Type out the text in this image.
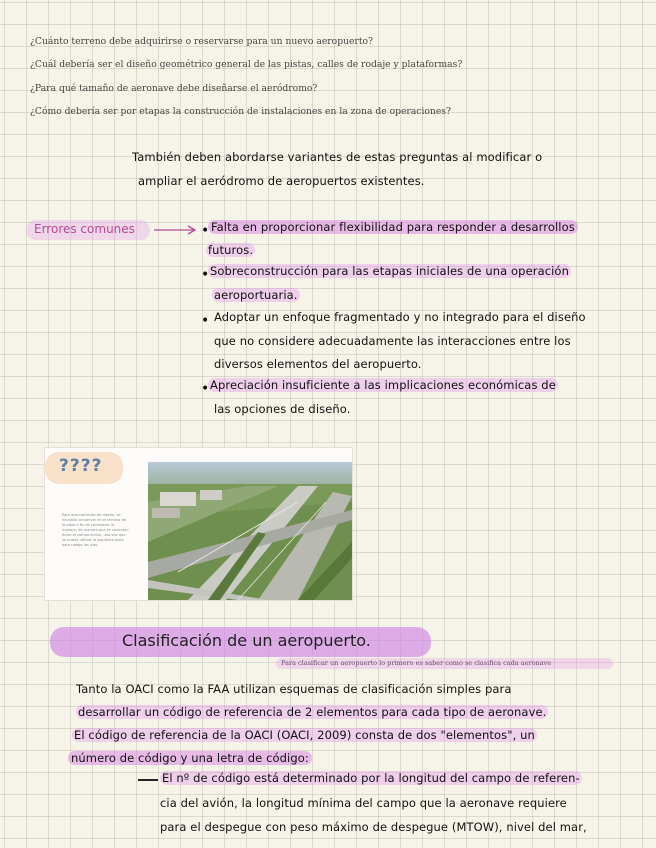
¿Cuánto terreno debe adquirirse o reservarse para un nuevo aeropuerto?
¿Cuál debería ser el diseño geométrico general de las pistas, calles de rodaje y plataformas?
¿Para qué tamaño de aeronave debe diseñarse el aeródromo?
¿Cómo debería ser por etapas la construcción de instalaciones en la zona de operaciones?
También deben abordarse variantes de estas preguntas al modificar o
ampliar el aeródromo de aeropuertos existentes.
Errores comunes	• Falta en proporcionar flexibilidad para responder a desarrollos
futuros.
• Sobreconstrucción para las etapas iniciales de una operación
aeroportuaria.
• Adoptar un enfoque fragmentado y no integrado para el diseño
que no considere adecuadamente las interacciones entre los
diversos elementos del aeropuerto.
• Apreciación insuficiente a las implicaciones económicas de
las opciones de diseño.
????
Para acercamiento de diseño, se necesita conservar en el terreno de la pista a fin de considerar la manera, de manera que se conecten entre el campo activo, una vez que se pueda utilizar la siguiente pista para rodaje las vías.
Clasificación de un aeropuerto.
Para clasificar un aeropuerto lo primero es saber como se clasifica cada aeronave
Tanto la OACI como la FAA utilizan esquemas de clasificación simples para
desarrollar un código de referencia de 2 elementos para cada tipo de aeronave.
El código de referencia de la OACI (OACI, 2009) consta de dos "elementos", un
número de código y una letra de código:
El nº de código está determinado por la longitud del campo de referen-
cia del avión, la longitud mínima del campo que la aeronave requiere
para el despegue con peso máximo de despegue (MTOW), nivel del mar,
